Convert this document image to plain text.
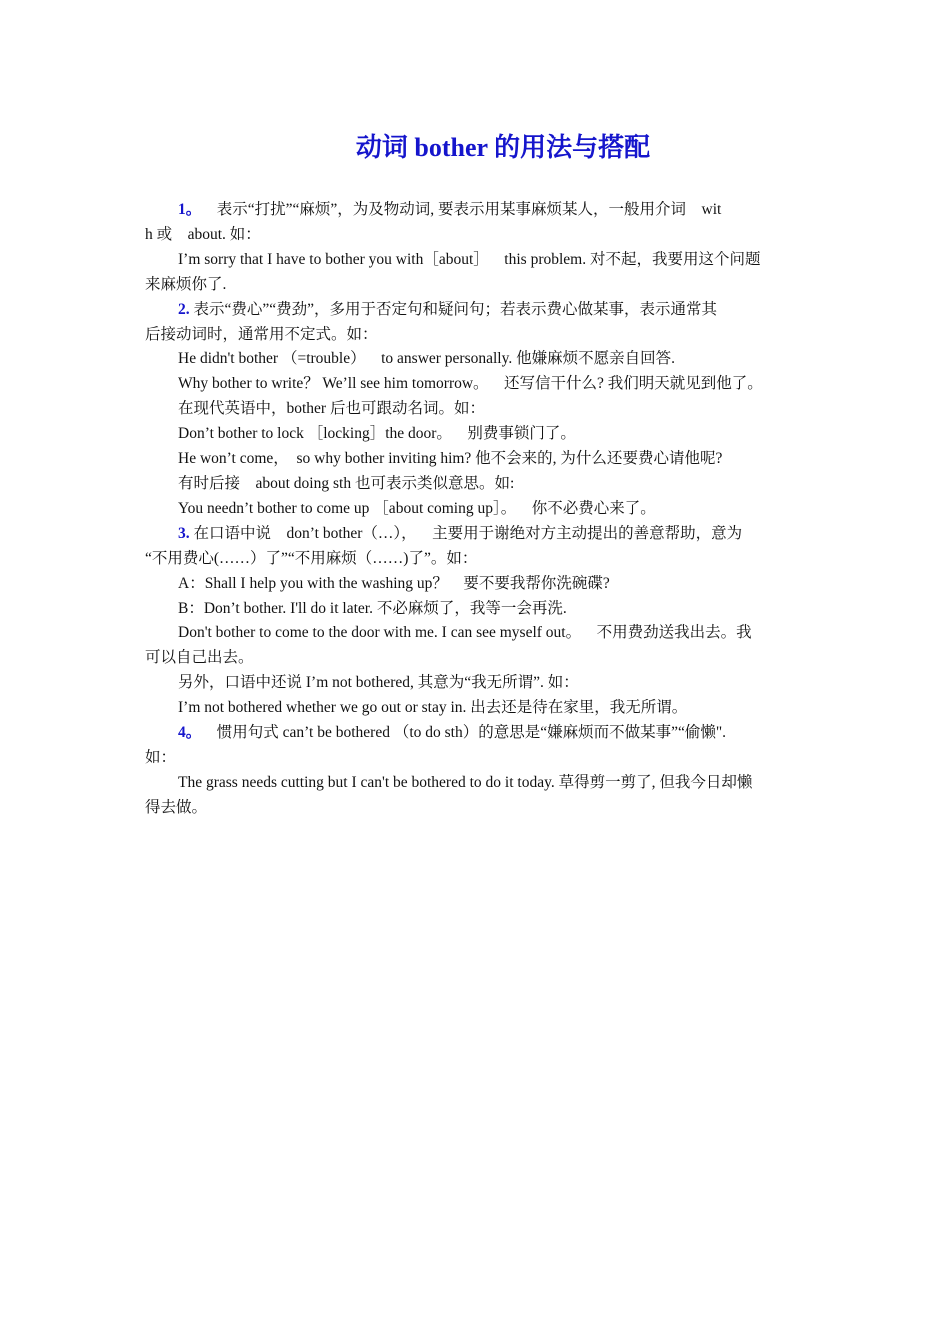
动词 bother 的用法与搭配

1。    表示“打扰”“麻烦”，为及物动词, 要表示用某事麻烦某人，一般用介词    wit
h 或    about. 如：

I’m sorry that I have to bother you with［about］    this problem. 对不起，我要用这个问题
来麻烦你了.

2. 表示“费心”“费劲”，多用于否定句和疑问句；若表示费心做某事，表示通常其
后接动词时，通常用不定式。如：

He didn't bother （=trouble）    to answer personally. 他嫌麻烦不愿亲自回答.

Why bother to write？ We’ll see him tomorrow。    还写信干什么? 我们明天就见到他了。

在现代英语中，bother 后也可跟动名词。如：

Don’t bother to lock ［locking］the door。    别费事锁门了。

He won’t come，  so why bother inviting him? 他不会来的, 为什么还要费心请他呢?

有时后接    about doing sth 也可表示类似意思。如:

You needn’t bother to come up ［about coming up］。    你不必费心来了。

3. 在口语中说    don’t bother（…），    主要用于谢绝对方主动提出的善意帮助，意为
“不用费心(……）了”“不用麻烦（……)了”。如：

A：Shall I help you with the washing up？    要不要我帮你洗碗碟?

B：Don’t bother. I'll do it later. 不必麻烦了，我等一会再洗.

Don't bother to come to the door with me. I can see myself out。    不用费劲送我出去。我
可以自己出去。

另外，口语中还说 I’m not bothered, 其意为“我无所谓”. 如：

I’m not bothered whether we go out or stay in. 出去还是待在家里，我无所谓。

4。    惯用句式 can’t be bothered （to do sth）的意思是“嫌麻烦而不做某事”“偷懒".
如：

The grass needs cutting but I can't be bothered to do it today. 草得剪一剪了, 但我今日却懒
得去做。
